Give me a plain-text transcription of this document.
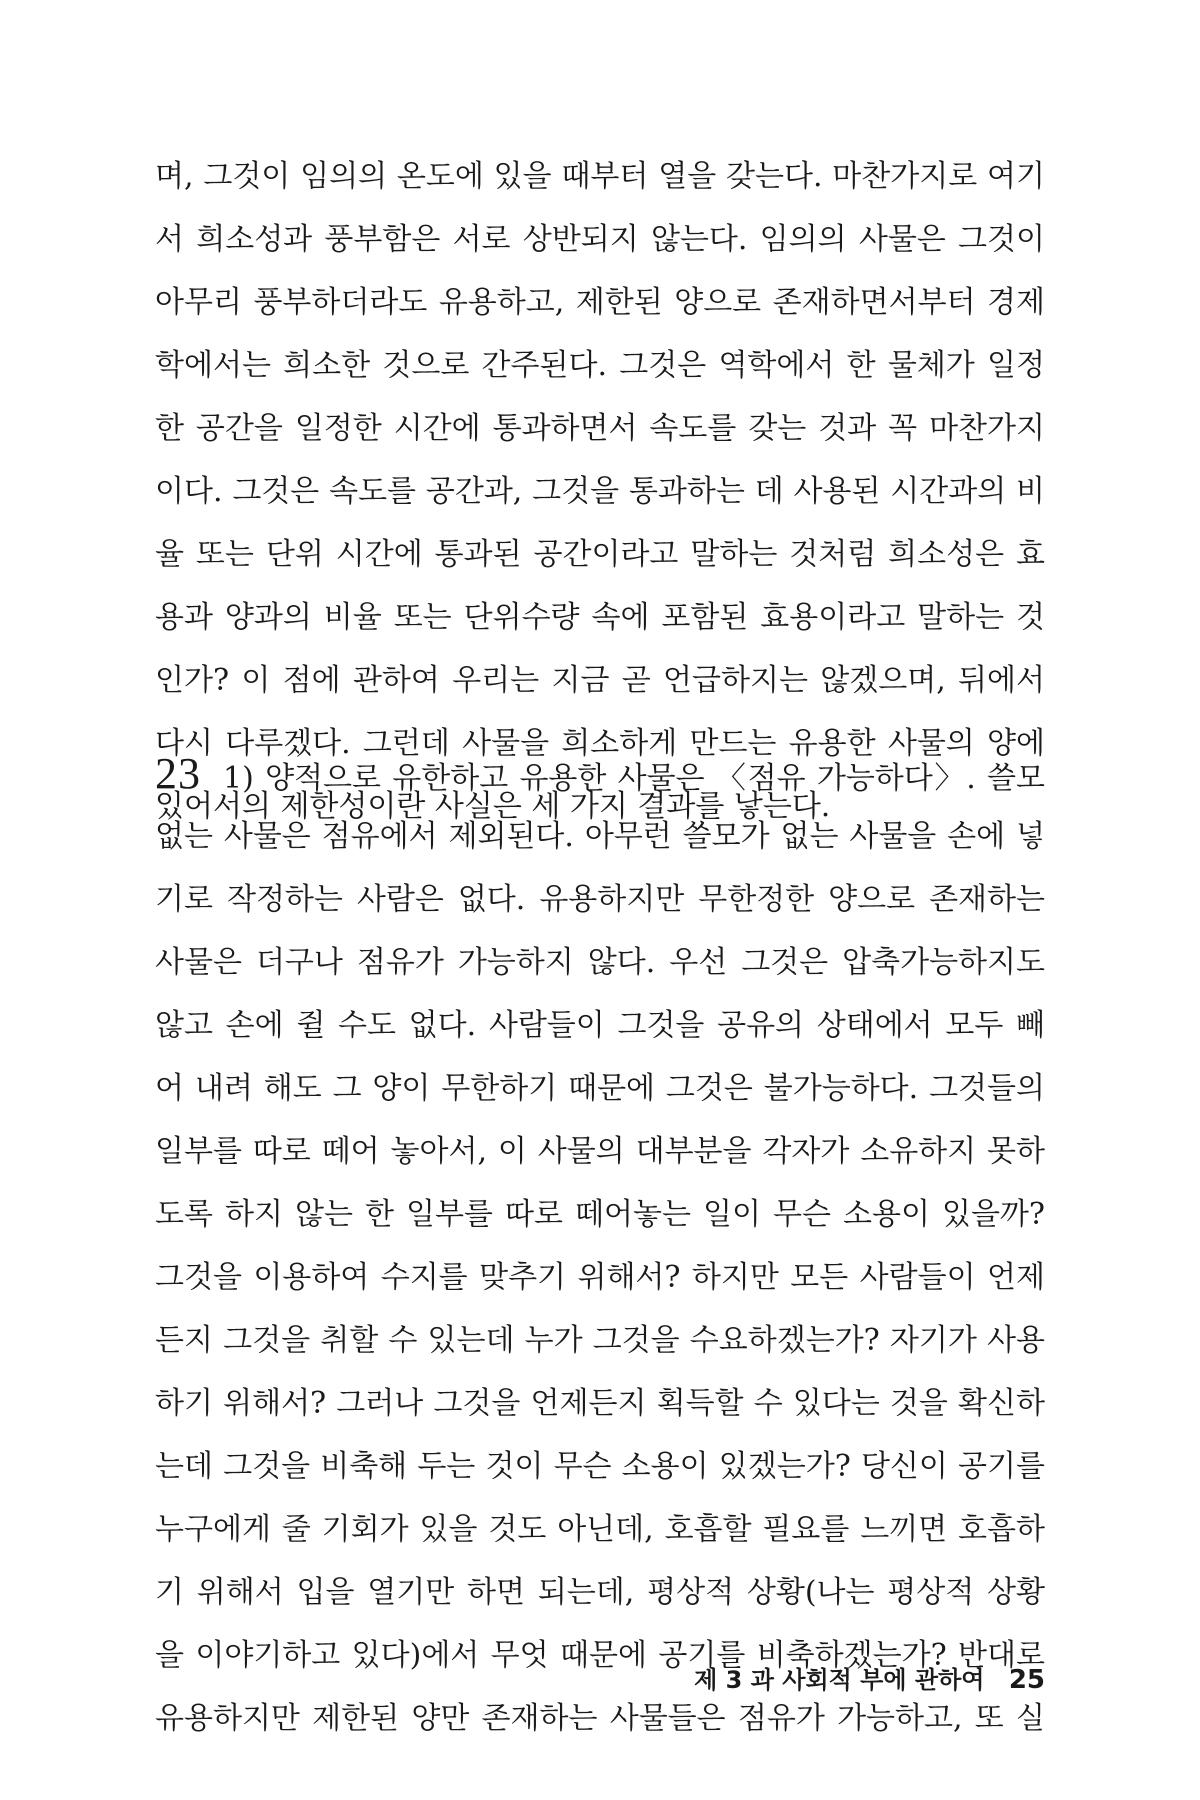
며, 그것이 임의의 온도에 있을 때부터 열을 갖는다. 마찬가지로 여기
서 희소성과 풍부함은 서로 상반되지 않는다. 임의의 사물은 그것이
아무리 풍부하더라도 유용하고, 제한된 양으로 존재하면서부터 경제
학에서는 희소한 것으로 간주된다. 그것은 역학에서 한 물체가 일정
한 공간을 일정한 시간에 통과하면서 속도를 갖는 것과 꼭 마찬가지
이다. 그것은 속도를 공간과, 그것을 통과하는 데 사용된 시간과의 비
율 또는 단위 시간에 통과된 공간이라고 말하는 것처럼 희소성은 효
용과 양과의 비율 또는 단위수량 속에 포함된 효용이라고 말하는 것
인가? 이 점에 관하여 우리는 지금 곧 언급하지는 않겠으며, 뒤에서
다시 다루겠다. 그런데 사물을 희소하게 만드는 유용한 사물의 양에
있어서의 제한성이란 사실은 세 가지 결과를 낳는다.
23 1) 양적으로 유한하고 유용한 사물은 〈점유 가능하다〉. 쓸모
없는 사물은 점유에서 제외된다. 아무런 쓸모가 없는 사물을 손에 넣
기로 작정하는 사람은 없다. 유용하지만 무한정한 양으로 존재하는
사물은 더구나 점유가 가능하지 않다. 우선 그것은 압축가능하지도
않고 손에 쥘 수도 없다. 사람들이 그것을 공유의 상태에서 모두 빼
어 내려 해도 그 양이 무한하기 때문에 그것은 불가능하다. 그것들의
일부를 따로 떼어 놓아서, 이 사물의 대부분을 각자가 소유하지 못하
도록 하지 않는 한 일부를 따로 떼어놓는 일이 무슨 소용이 있을까?
그것을 이용하여 수지를 맞추기 위해서? 하지만 모든 사람들이 언제
든지 그것을 취할 수 있는데 누가 그것을 수요하겠는가? 자기가 사용
하기 위해서? 그러나 그것을 언제든지 획득할 수 있다는 것을 확신하
는데 그것을 비축해 두는 것이 무슨 소용이 있겠는가? 당신이 공기를
누구에게 줄 기회가 있을 것도 아닌데, 호흡할 필요를 느끼면 호흡하
기 위해서 입을 열기만 하면 되는데, 평상적 상황(나는 평상적 상황
을 이야기하고 있다)에서 무엇 때문에 공기를 비축하겠는가? 반대로
유용하지만 제한된 양만 존재하는 사물들은 점유가 가능하고, 또 실
제 3 과 사회적 부에 관하여 25
